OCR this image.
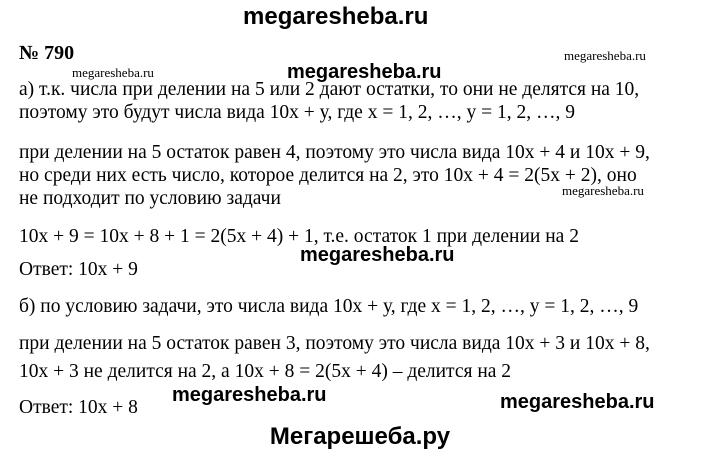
megaresheba.ru
№ 790
а) т.к. числа при делении на 5 или 2 дают остатки, то они не делятся на 10,
поэтому это будут числа вида 10х + у, где х = 1, 2, …, у = 1, 2, …, 9
при делении на 5 остаток равен 4, поэтому это числа вида 10х + 4 и 10х + 9,
но среди них есть число, которое делится на 2, это 10х + 4 = 2(5х + 2), оно
не подходит по условию задачи
10х + 9 = 10х + 8 + 1 = 2(5х + 4) + 1, т.е. остаток 1 при делении на 2
Ответ: 10х + 9
б) по условию задачи, это числа вида 10х + у, где х = 1, 2, …, у = 1, 2, …, 9
при делении на 5 остаток равен 3, поэтому это числа вида 10х + 3 и 10х + 8,
10х + 3 не делится на 2, а 10х + 8 = 2(5х + 4) – делится на 2
Ответ: 10х + 8
megaresheba.ru
megaresheba.ru	megaresheba.ru
megaresheba.ru
megaresheba.ru
megaresheba.ru	megaresheba.ru
Мегарешеба.ру
